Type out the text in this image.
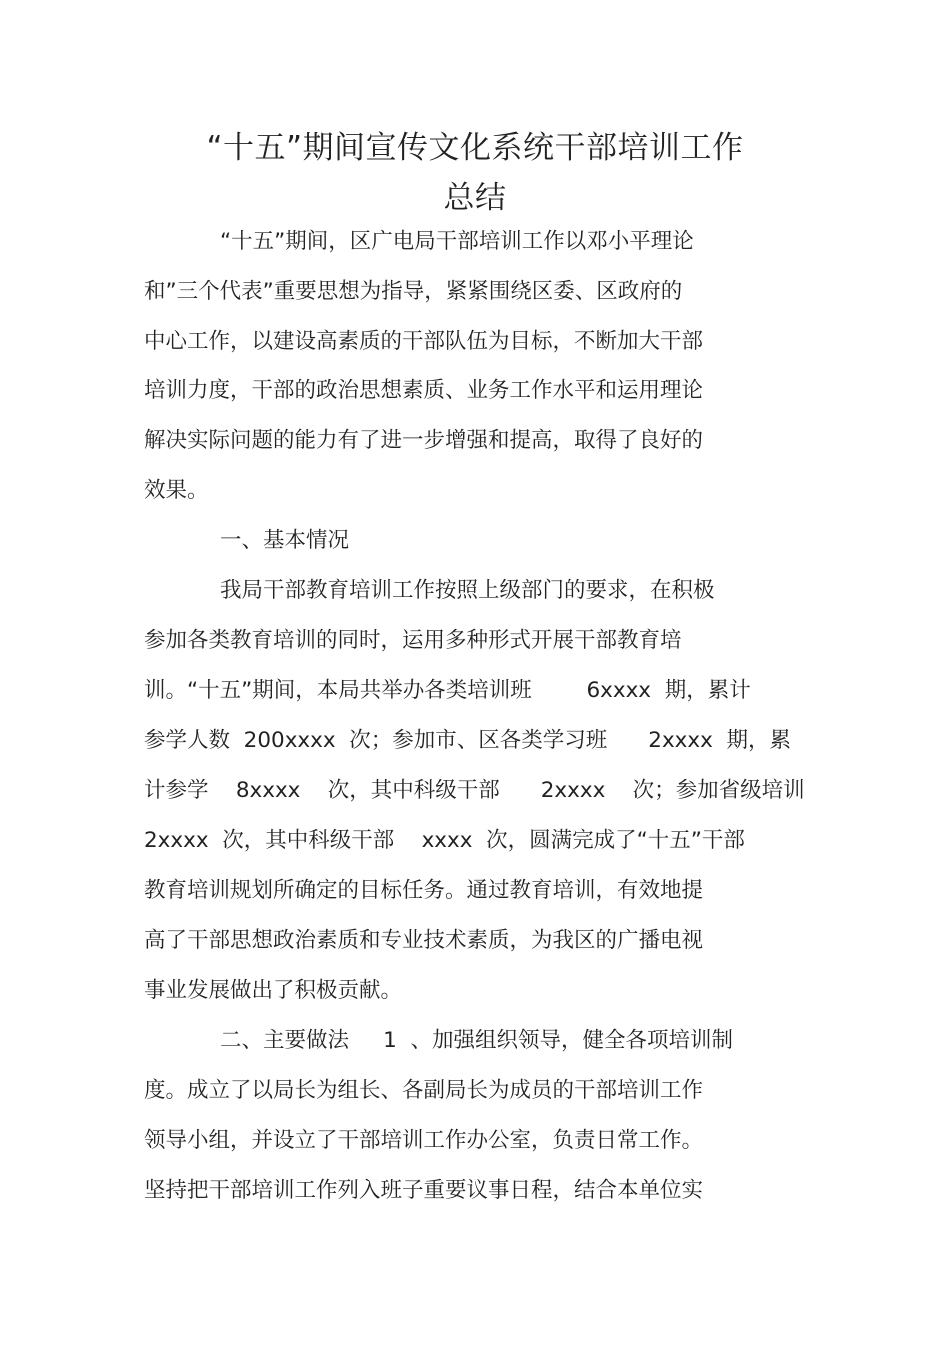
“十五”期间宣传文化系统干部培训工作
总结

“十五”期间，区广电局干部培训工作以邓小平理论

和”三个代表”重要思想为指导，紧紧围绕区委、区政府的

中心工作，以建设高素质的干部队伍为目标，不断加大干部

培训力度，干部的政治思想素质、业务工作水平和运用理论

解决实际问题的能力有了进一步增强和提高，取得了良好的

效果。

一、基本情况

我局干部教育培训工作按照上级部门的要求，在积极

参加各类教育培训的同时，运用多种形式开展干部教育培

训。“十五”期间，本局共举办各类培训班        6xxxx  期，累计

参学人数  200xxxx  次；参加市、区各类学习班      2xxxx  期，累

计参学    8xxxx    次，其中科级干部      2xxxx    次；参加省级培训

2xxxx  次，其中科级干部    xxxx  次，圆满完成了“十五”干部

教育培训规划所确定的目标任务。通过教育培训，有效地提

高了干部思想政治素质和专业技术素质，为我区的广播电视

事业发展做出了积极贡献。

二、主要做法     1  、加强组织领导，健全各项培训制

度。成立了以局长为组长、各副局长为成员的干部培训工作

领导小组，并设立了干部培训工作办公室，负责日常工作。

坚持把干部培训工作列入班子重要议事日程，结合本单位实
